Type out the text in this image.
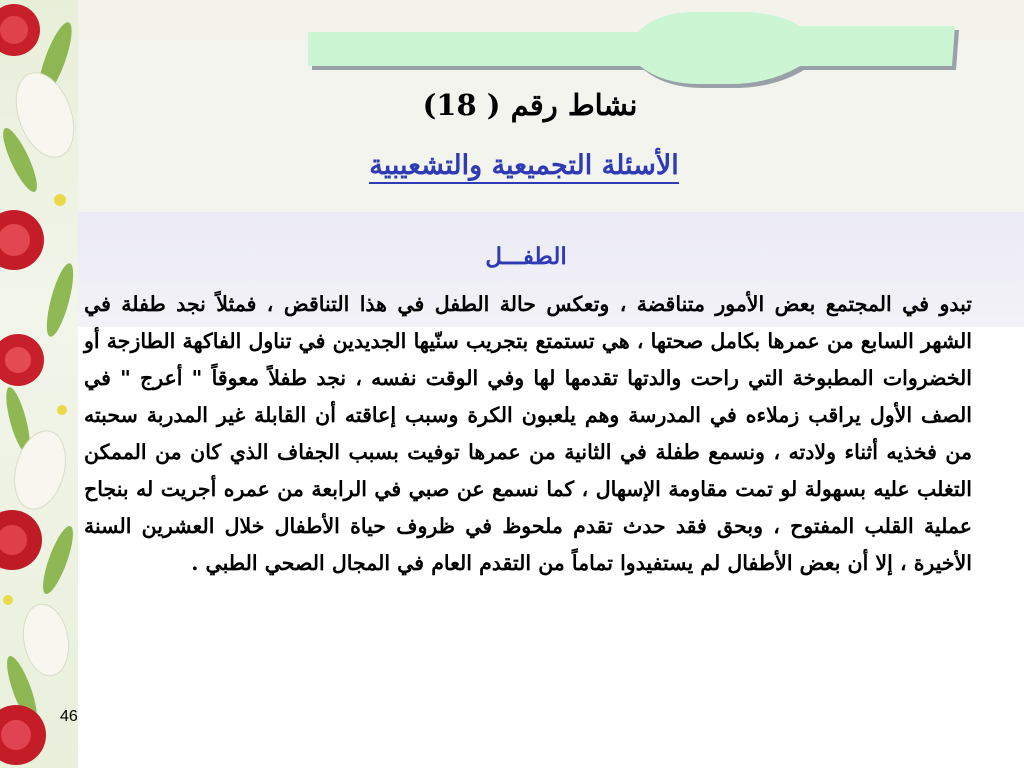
نشاط رقم ( 18)
الأسئلة التجميعية والتشعيبية
الطفـــل
تبدو في المجتمع بعض الأمور متناقضة ، وتعكس حالة الطفل في هذا التناقض ، فمثلاً نجد طفلة في الشهر السابع من عمرها بكامل صحتها ، هي تستمتع بتجريب سنّيها الجديدين في تناول الفاكهة الطازجة أو الخضروات المطبوخة التي راحت والدتها تقدمها لها وفي الوقت نفسه ، نجد طفلاً معوقاً " أعرج " في الصف الأول يراقب زملاءه في المدرسة وهم يلعبون الكرة وسبب إعاقته أن القابلة غير المدربة سحبته من فخذيه أثناء ولادته ، ونسمع طفلة في الثانية من عمرها توفيت بسبب الجفاف الذي كان من الممكن التغلب عليه بسهولة لو تمت مقاومة الإسهال ، كما نسمع عن صبي في الرابعة من عمره أجريت له بنجاح عملية القلب المفتوح ، وبحق فقد حدث تقدم ملحوظ في ظروف حياة الأطفال خلال العشرين السنة الأخيرة ، إلا أن بعض الأطفال لم يستفيدوا تماماً من التقدم العام في المجال الصحي الطبي .
46
